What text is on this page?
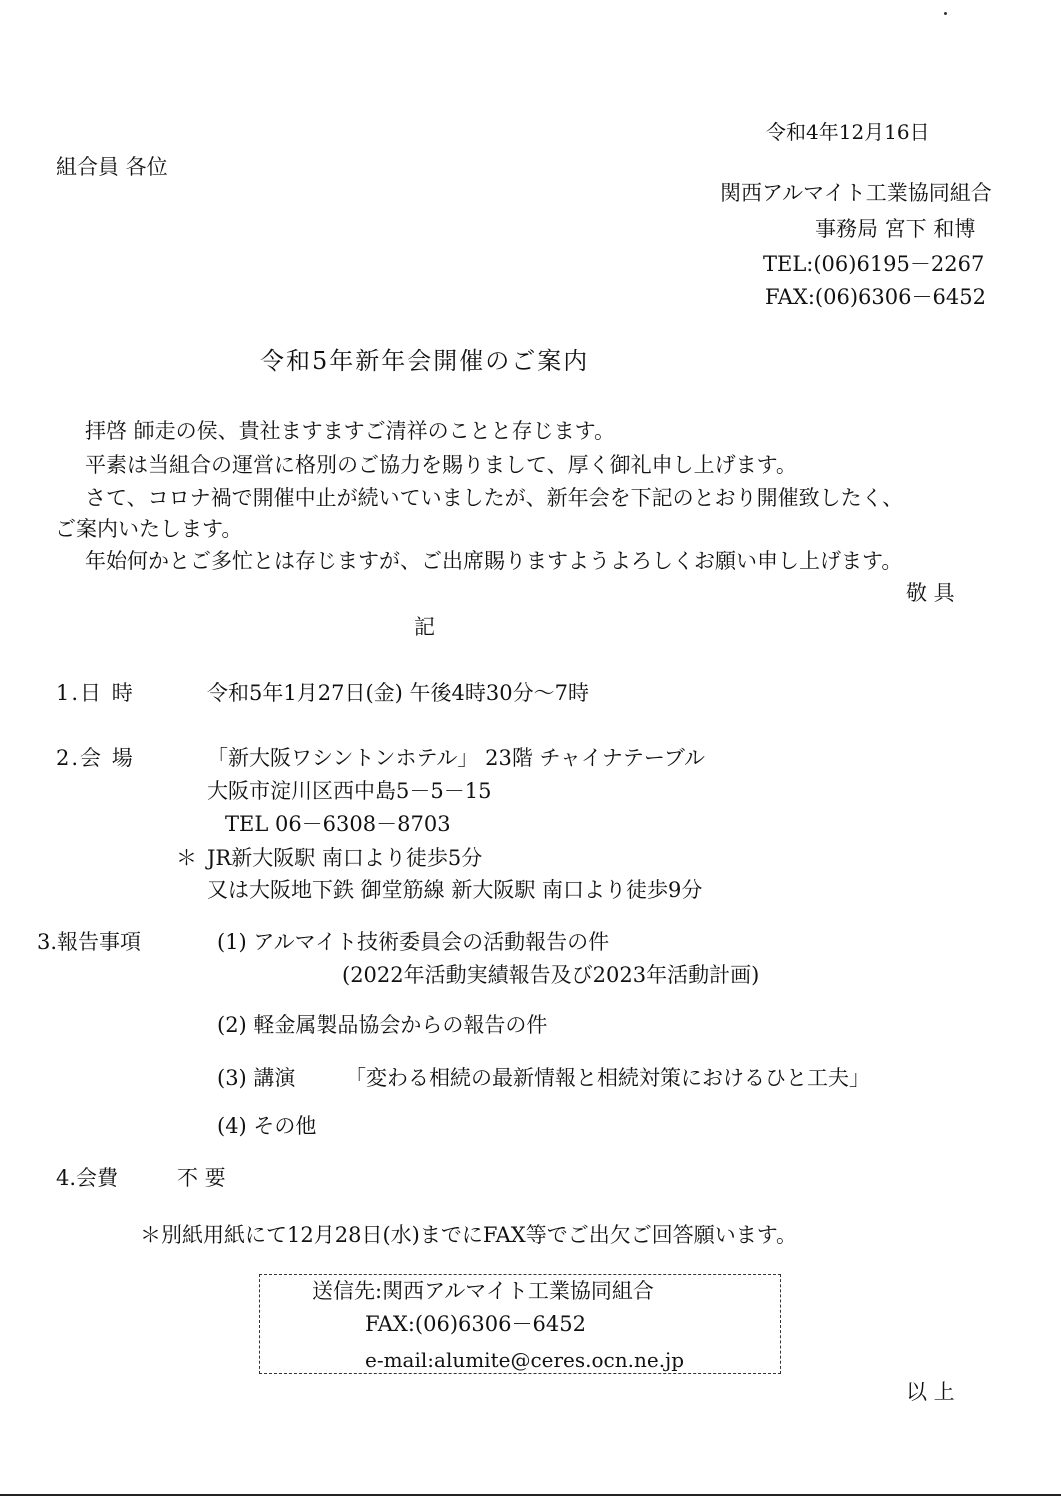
令和4年12月16日
組合員 各位
関西アルマイト工業協同組合
事務局 宮下 和博
TEL:(06)6195－2267
FAX:(06)6306－6452
令和5年新年会開催のご案内
拝啓 師走の侯、貴社ますますご清祥のことと存じます。
平素は当組合の運営に格別のご協力を賜りまして、厚く御礼申し上げます。
さて、コロナ禍で開催中止が続いていましたが、新年会を下記のとおり開催致したく、
ご案内いたします。
年始何かとご多忙とは存じますが、ご出席賜りますようよろしくお願い申し上げます。
敬 具
記
1.日 時	令和5年1月27日(金) 午後4時30分～7時
2.会 場	「新大阪ワシントンホテル」 23階 チャイナテーブル
大阪市淀川区西中島5－5－15
TEL 06－6308－8703
＊ JR新大阪駅 南口より徒歩5分
又は大阪地下鉄 御堂筋線 新大阪駅 南口より徒歩9分
3.報告事項	(1) アルマイト技術委員会の活動報告の件
(2022年活動実績報告及び2023年活動計画)
(2) 軽金属製品協会からの報告の件
(3) 講演 「変わる相続の最新情報と相続対策におけるひと工夫」
(4) その他
4.会費	不 要
＊別紙用紙にて12月28日(水)までにFAX等でご出欠ご回答願います。
送信先:関西アルマイト工業協同組合
FAX:(06)6306－6452
e-mail:alumite@ceres.ocn.ne.jp
以 上
